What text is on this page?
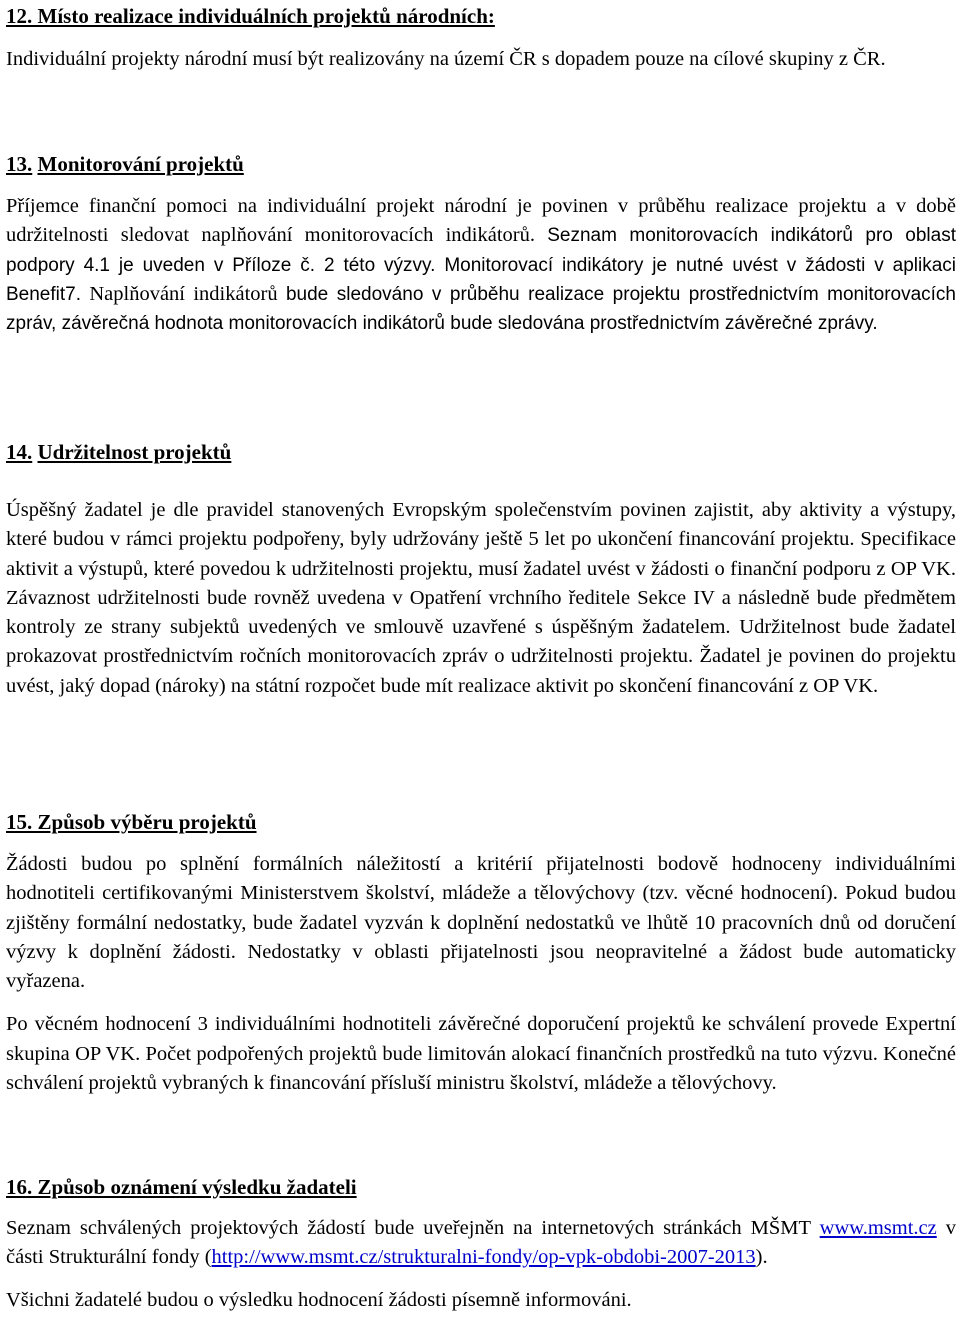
12. Místo realizace individuálních projektů národních:

Individuální projekty národní musí být realizovány na území ČR s dopadem pouze na cílové skupiny z ČR.

13. Monitorování projektů

Příjemce finanční pomoci na individuální projekt národní je povinen v průběhu realizace projektu a v době udržitelnosti sledovat naplňování monitorovacích indikátorů. Seznam monitorovacích indikátorů pro oblast podpory 4.1 je uveden v Příloze č. 2 této výzvy. Monitorovací indikátory je nutné uvést v žádosti v aplikaci Benefit7. Naplňování indikátorů bude sledováno v průběhu realizace projektu prostřednictvím monitorovacích zpráv, závěrečná hodnota monitorovacích indikátorů bude sledována prostřednictvím závěrečné zprávy.

14. Udržitelnost projektů

Úspěšný žadatel je dle pravidel stanovených Evropským společenstvím povinen zajistit, aby aktivity a výstupy, které budou v rámci projektu podpořeny, byly udržovány ještě 5 let po ukončení financování projektu. Specifikace aktivit a výstupů, které povedou k udržitelnosti projektu, musí žadatel uvést v žádosti o finanční podporu z OP VK. Závaznost udržitelnosti bude rovněž uvedena v Opatření vrchního ředitele Sekce IV a následně bude předmětem kontroly ze strany subjektů uvedených ve smlouvě uzavřené s úspěšným žadatelem. Udržitelnost bude žadatel prokazovat prostřednictvím ročních monitorovacích zpráv o udržitelnosti projektu. Žadatel je povinen do projektu uvést, jaký dopad (nároky) na státní rozpočet bude mít realizace aktivit po skončení financování z OP VK.

15. Způsob výběru projektů

Žádosti budou po splnění formálních náležitostí a kritérií přijatelnosti bodově hodnoceny individuálními hodnotiteli certifikovanými Ministerstvem školství, mládeže a tělovýchovy (tzv. věcné hodnocení). Pokud budou zjištěny formální nedostatky, bude žadatel vyzván k doplnění nedostatků ve lhůtě 10 pracovních dnů od doručení výzvy k doplnění žádosti. Nedostatky v oblasti přijatelnosti jsou neopravitelné a žádost bude automaticky vyřazena.

Po věcném hodnocení 3 individuálními hodnotiteli závěrečné doporučení projektů ke schválení provede Expertní skupina OP VK. Počet podpořených projektů bude limitován alokací finančních prostředků na tuto výzvu. Konečné schválení projektů vybraných k financování přísluší ministru školství, mládeže a tělovýchovy.

16. Způsob oznámení výsledku žadateli

Seznam schválených projektových žádostí bude uveřejněn na internetových stránkách MŠMT www.msmt.cz v části Strukturální fondy (http://www.msmt.cz/strukturalni-fondy/op-vpk-obdobi-2007-2013).

Všichni žadatelé budou o výsledku hodnocení žádosti písemně informováni.
